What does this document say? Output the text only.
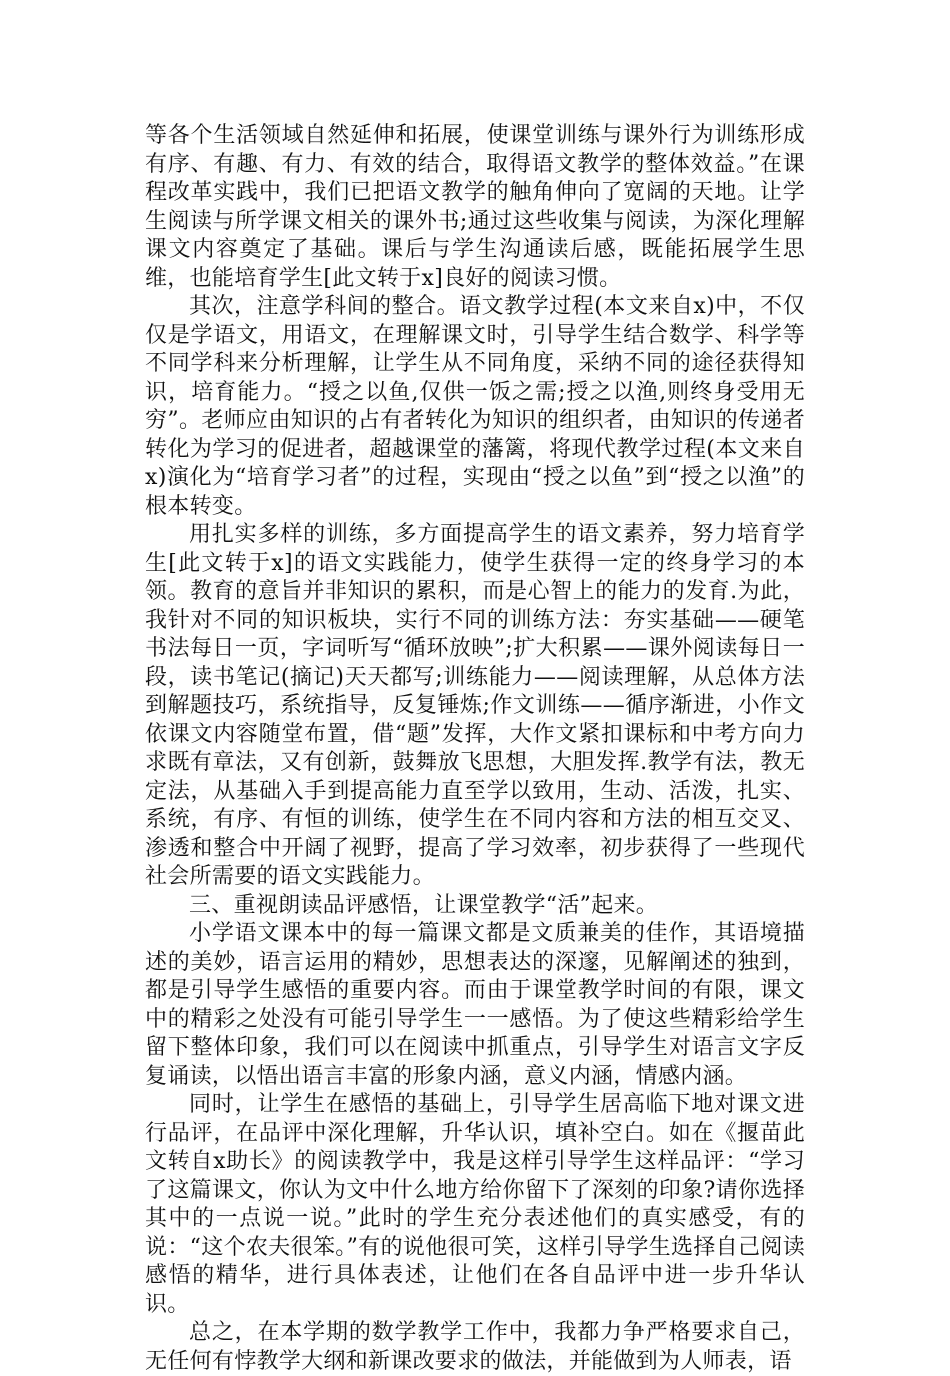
等各个生活领域自然延伸和拓展，使课堂训练与课外行为训练形成有序、有趣、有力、有效的结合，取得语文教学的整体效益。”在课程改革实践中，我们已把语文教学的触角伸向了宽阔的天地。让学生阅读与所学课文相关的课外书;通过这些收集与阅读，为深化理解课文内容奠定了基础。课后与学生沟通读后感，既能拓展学生思维，也能培育学生[此文转于x]良好的阅读习惯。

其次，注意学科间的整合。语文教学过程(本文来自x)中，不仅仅是学语文，用语文，在理解课文时，引导学生结合数学、科学等不同学科来分析理解，让学生从不同角度，采纳不同的途径获得知识，培育能力。“授之以鱼,仅供一饭之需;授之以渔,则终身受用无穷”。老师应由知识的占有者转化为知识的组织者，由知识的传递者转化为学习的促进者，超越课堂的藩篱，将现代教学过程(本文来自x)演化为“培育学习者”的过程，实现由“授之以鱼”到“授之以渔”的根本转变。

用扎实多样的训练，多方面提高学生的语文素养，努力培育学生[此文转于x]的语文实践能力，使学生获得一定的终身学习的本领。教育的意旨并非知识的累积，而是心智上的能力的发育.为此，我针对不同的知识板块，实行不同的训练方法：夯实基础——硬笔书法每日一页，字词听写“循环放映”;扩大积累——课外阅读每日一段，读书笔记(摘记)天天都写;训练能力——阅读理解，从总体方法到解题技巧，系统指导，反复锤炼;作文训练——循序渐进，小作文依课文内容随堂布置，借“题”发挥，大作文紧扣课标和中考方向力求既有章法，又有创新，鼓舞放飞思想，大胆发挥.教学有法，教无定法，从基础入手到提高能力直至学以致用，生动、活泼，扎实、系统，有序、有恒的训练，使学生在不同内容和方法的相互交叉、渗透和整合中开阔了视野，提高了学习效率，初步获得了一些现代社会所需要的语文实践能力。

三、重视朗读品评感悟，让课堂教学“活”起来。

小学语文课本中的每一篇课文都是文质兼美的佳作，其语境描述的美妙，语言运用的精妙，思想表达的深邃，见解阐述的独到，都是引导学生感悟的重要内容。而由于课堂教学时间的有限，课文中的精彩之处没有可能引导学生一一感悟。为了使这些精彩给学生留下整体印象，我们可以在阅读中抓重点，引导学生对语言文字反复诵读，以悟出语言丰富的形象内涵，意义内涵，情感内涵。

同时，让学生在感悟的基础上，引导学生居高临下地对课文进行品评，在品评中深化理解，升华认识，填补空白。如在《揠苗此文转自x助长》的阅读教学中，我是这样引导学生这样品评：“学习了这篇课文，你认为文中什么地方给你留下了深刻的印象?请你选择其中的一点说一说。”此时的学生充分表述他们的真实感受，有的说：“这个农夫很笨。”有的说他很可笑，这样引导学生选择自己阅读感悟的精华，进行具体表述，让他们在各自品评中进一步升华认识。

总之，在本学期的数学教学工作中，我都力争严格要求自己，无任何有悖教学大纲和新课改要求的做法，并能做到为人师表，语
